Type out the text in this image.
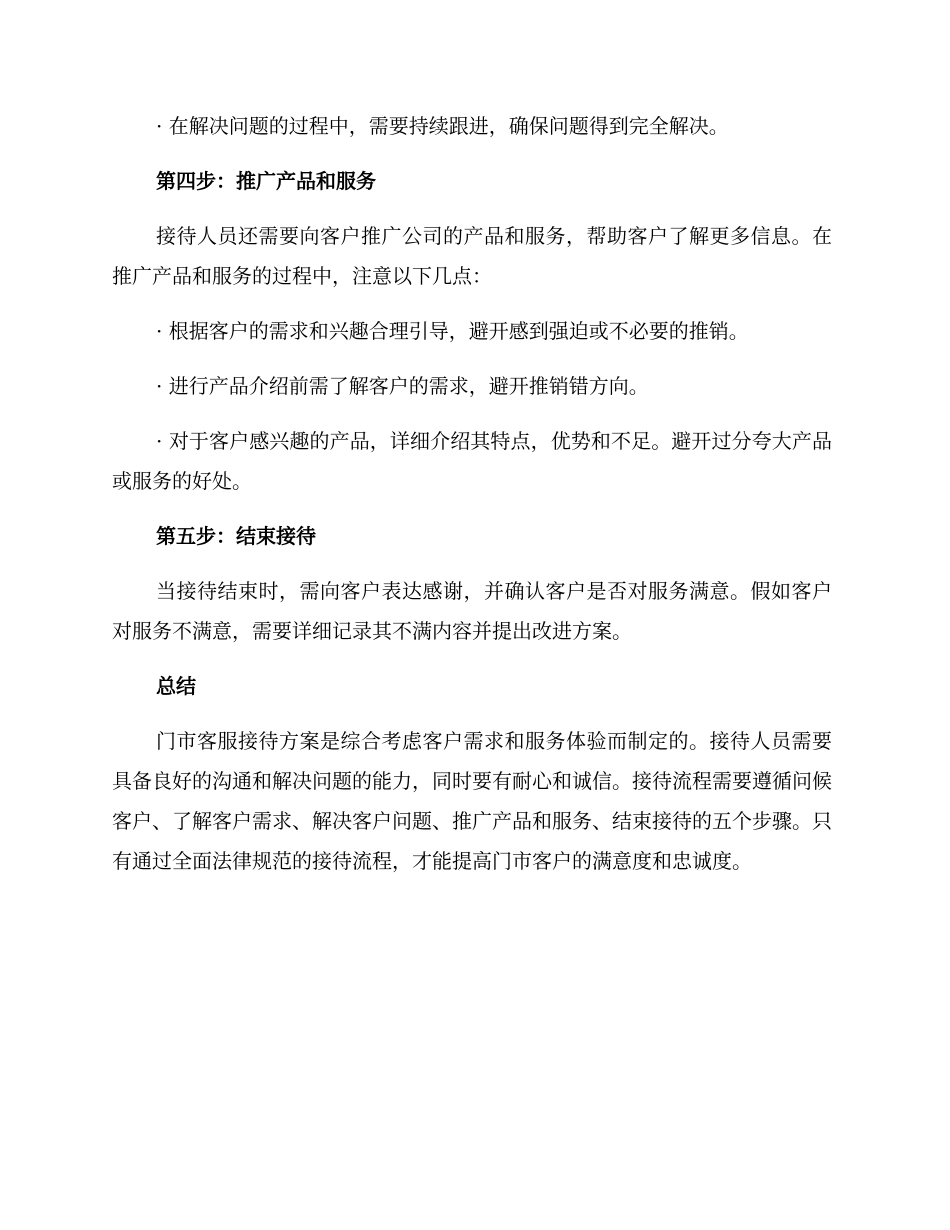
· 在解决问题的过程中，需要持续跟进，确保问题得到完全解决。

第四步：推广产品和服务

接待人员还需要向客户推广公司的产品和服务，帮助客户了解更多信息。在推广产品和服务的过程中，注意以下几点：

· 根据客户的需求和兴趣合理引导，避开感到强迫或不必要的推销。

· 进行产品介绍前需了解客户的需求，避开推销错方向。

· 对于客户感兴趣的产品，详细介绍其特点，优势和不足。避开过分夸大产品或服务的好处。

第五步：结束接待

当接待结束时，需向客户表达感谢，并确认客户是否对服务满意。假如客户对服务不满意，需要详细记录其不满内容并提出改进方案。

总结

门市客服接待方案是综合考虑客户需求和服务体验而制定的。接待人员需要具备良好的沟通和解决问题的能力，同时要有耐心和诚信。接待流程需要遵循问候客户、了解客户需求、解决客户问题、推广产品和服务、结束接待的五个步骤。只有通过全面法律规范的接待流程，才能提高门市客户的满意度和忠诚度。
